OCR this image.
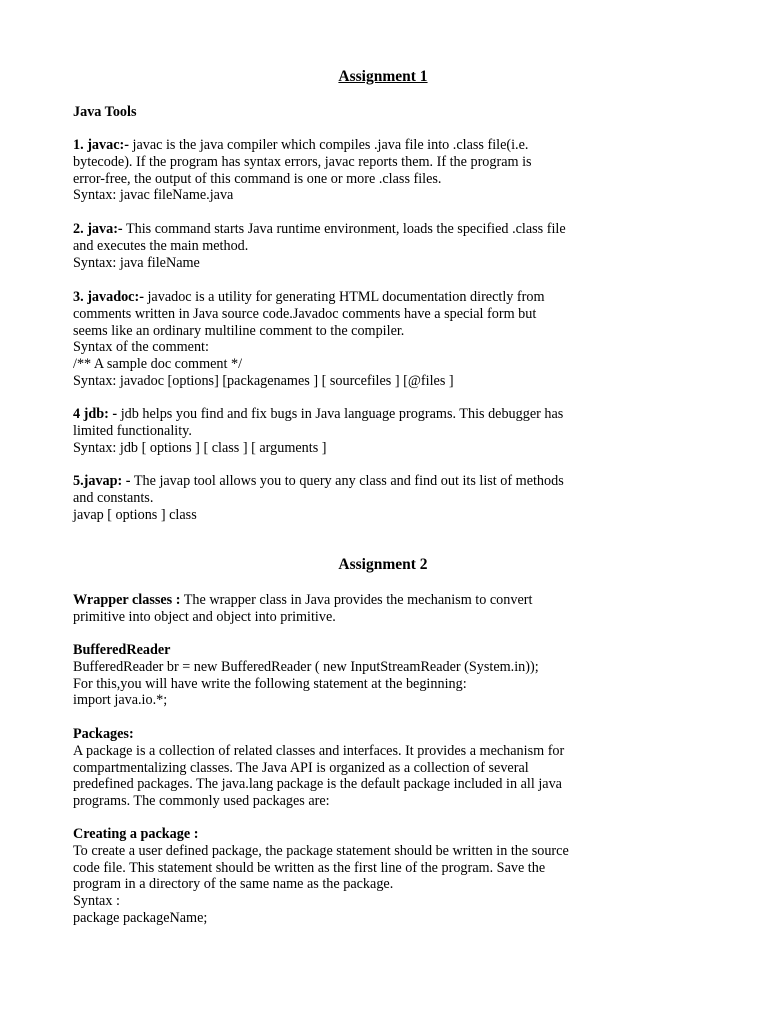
Assignment 1
Java Tools
1. javac:- javac is the java compiler which compiles .java file into .class file(i.e.
bytecode). If the program has syntax errors, javac reports them. If the program is
error-free, the output of this command is one or more .class files.
Syntax: javac fileName.java
2. java:- This command starts Java runtime environment, loads the specified .class file
and executes the main method.
Syntax: java fileName
3. javadoc:- javadoc is a utility for generating HTML documentation directly from
comments written in Java source code.Javadoc comments have a special form but
seems like an ordinary multiline comment to the compiler.
Syntax of the comment:
/** A sample doc comment */
Syntax: javadoc [options] [packagenames ] [ sourcefiles ] [@files ]
4 jdb: - jdb helps you find and fix bugs in Java language programs. This debugger has
limited functionality.
Syntax: jdb [ options ] [ class ] [ arguments ]
5.javap: - The javap tool allows you to query any class and find out its list of methods
and constants.
javap [ options ] class
Assignment 2
Wrapper classes : The wrapper class in Java provides the mechanism to convert
primitive into object and object into primitive.
BufferedReader
BufferedReader br = new BufferedReader ( new InputStreamReader (System.in));
For this,you will have write the following statement at the beginning:
import java.io.*;
Packages:
A package is a collection of related classes and interfaces. It provides a mechanism for
compartmentalizing classes. The Java API is organized as a collection of several
predefined packages. The java.lang package is the default package included in all java
programs. The commonly used packages are:
Creating a package :
To create a user defined package, the package statement should be written in the source
code file. This statement should be written as the first line of the program. Save the
program in a directory of the same name as the package.
Syntax :
package packageName;
